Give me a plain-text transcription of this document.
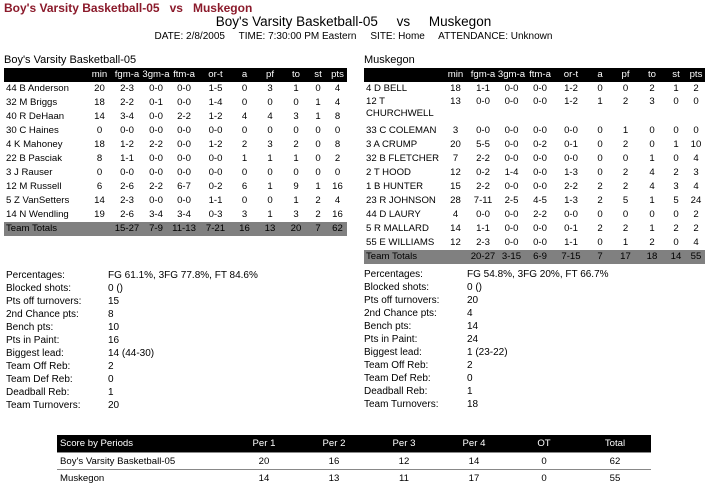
Boy's Varsity Basketball-05   vs   Muskegon
Boy's Varsity Basketball-05     vs     Muskegon
DATE: 2/8/2005     TIME: 7:30:00 PM Eastern     SITE: Home     ATTENDANCE: Unknown
Boy's Varsity Basketball-05	Muskegon
	min	fgm-a	3gm-a	ftm-a	or-t	a	pf	to	st	pts
44 B Anderson	20	2-3	0-0	0-0	1-5	0	3	1	0	4
32 M Briggs	18	2-2	0-1	0-0	1-4	0	0	0	1	4
40 R DeHaan	14	3-4	0-0	2-2	1-2	4	4	3	1	8
30 C Haines	0	0-0	0-0	0-0	0-0	0	0	0	0	0
4 K Mahoney	18	1-2	2-2	0-0	1-2	2	3	2	0	8
22 B Pasciak	8	1-1	0-0	0-0	0-0	1	1	1	0	2
3 J Rauser	0	0-0	0-0	0-0	0-0	0	0	0	0	0
12 M Russell	6	2-6	2-2	6-7	0-2	6	1	9	1	16
5 Z VanSetters	14	2-3	0-0	0-0	1-1	0	0	1	2	4
14 N Wendling	19	2-6	3-4	3-4	0-3	3	1	3	2	16
Team Totals		15-27	7-9	11-13	7-21	16	13	20	7	62
	min	fgm-a	3gm-a	ftm-a	or-t	a	pf	to	st	pts
4 D BELL	18	1-1	0-0	0-0	1-2	0	0	2	1	2
12 T CHURCHWELL	13	0-0	0-0	0-0	1-2	1	2	3	0	0
33 C COLEMAN	3	0-0	0-0	0-0	0-0	0	1	0	0	0
3 A CRUMP	20	5-5	0-0	0-2	0-1	0	2	0	1	10
32 B FLETCHER	7	2-2	0-0	0-0	0-0	0	0	1	0	4
2 T HOOD	12	0-2	1-4	0-0	1-3	0	2	4	2	3
1 B HUNTER	15	2-2	0-0	0-0	2-2	2	2	4	3	4
23 R JOHNSON	28	7-11	2-5	4-5	1-3	2	5	1	5	24
44 D LAURY	4	0-0	0-0	2-2	0-0	0	0	0	0	2
5 R MALLARD	14	1-1	0-0	0-0	0-1	2	2	1	2	2
55 E WILLIAMS	12	2-3	0-0	0-0	1-1	0	1	2	0	4
Team Totals		20-27	3-15	6-9	7-15	7	17	18	14	55
Percentages:	FG 61.1%, 3FG 77.8%, FT 84.6%
Blocked shots:	0 ()
Pts off turnovers:	15
2nd Chance pts:	8
Bench pts:	10
Pts in Paint:	16
Biggest lead:	14 (44-30)
Team Off Reb:	2
Team Def Reb:	0
Deadball Reb:	1
Team Turnovers:	20
Percentages:	FG 54.8%, 3FG 20%, FT 66.7%
Blocked shots:	0 ()
Pts off turnovers:	20
2nd Chance pts:	4
Bench pts:	14
Pts in Paint:	24
Biggest lead:	1 (23-22)
Team Off Reb:	2
Team Def Reb:	0
Deadball Reb:	1
Team Turnovers:	18
Score by Periods	Per 1	Per 2	Per 3	Per 4	OT	Total
Boy's Varsity Basketball-05	20	16	12	14	0	62
Muskegon	14	13	11	17	0	55
